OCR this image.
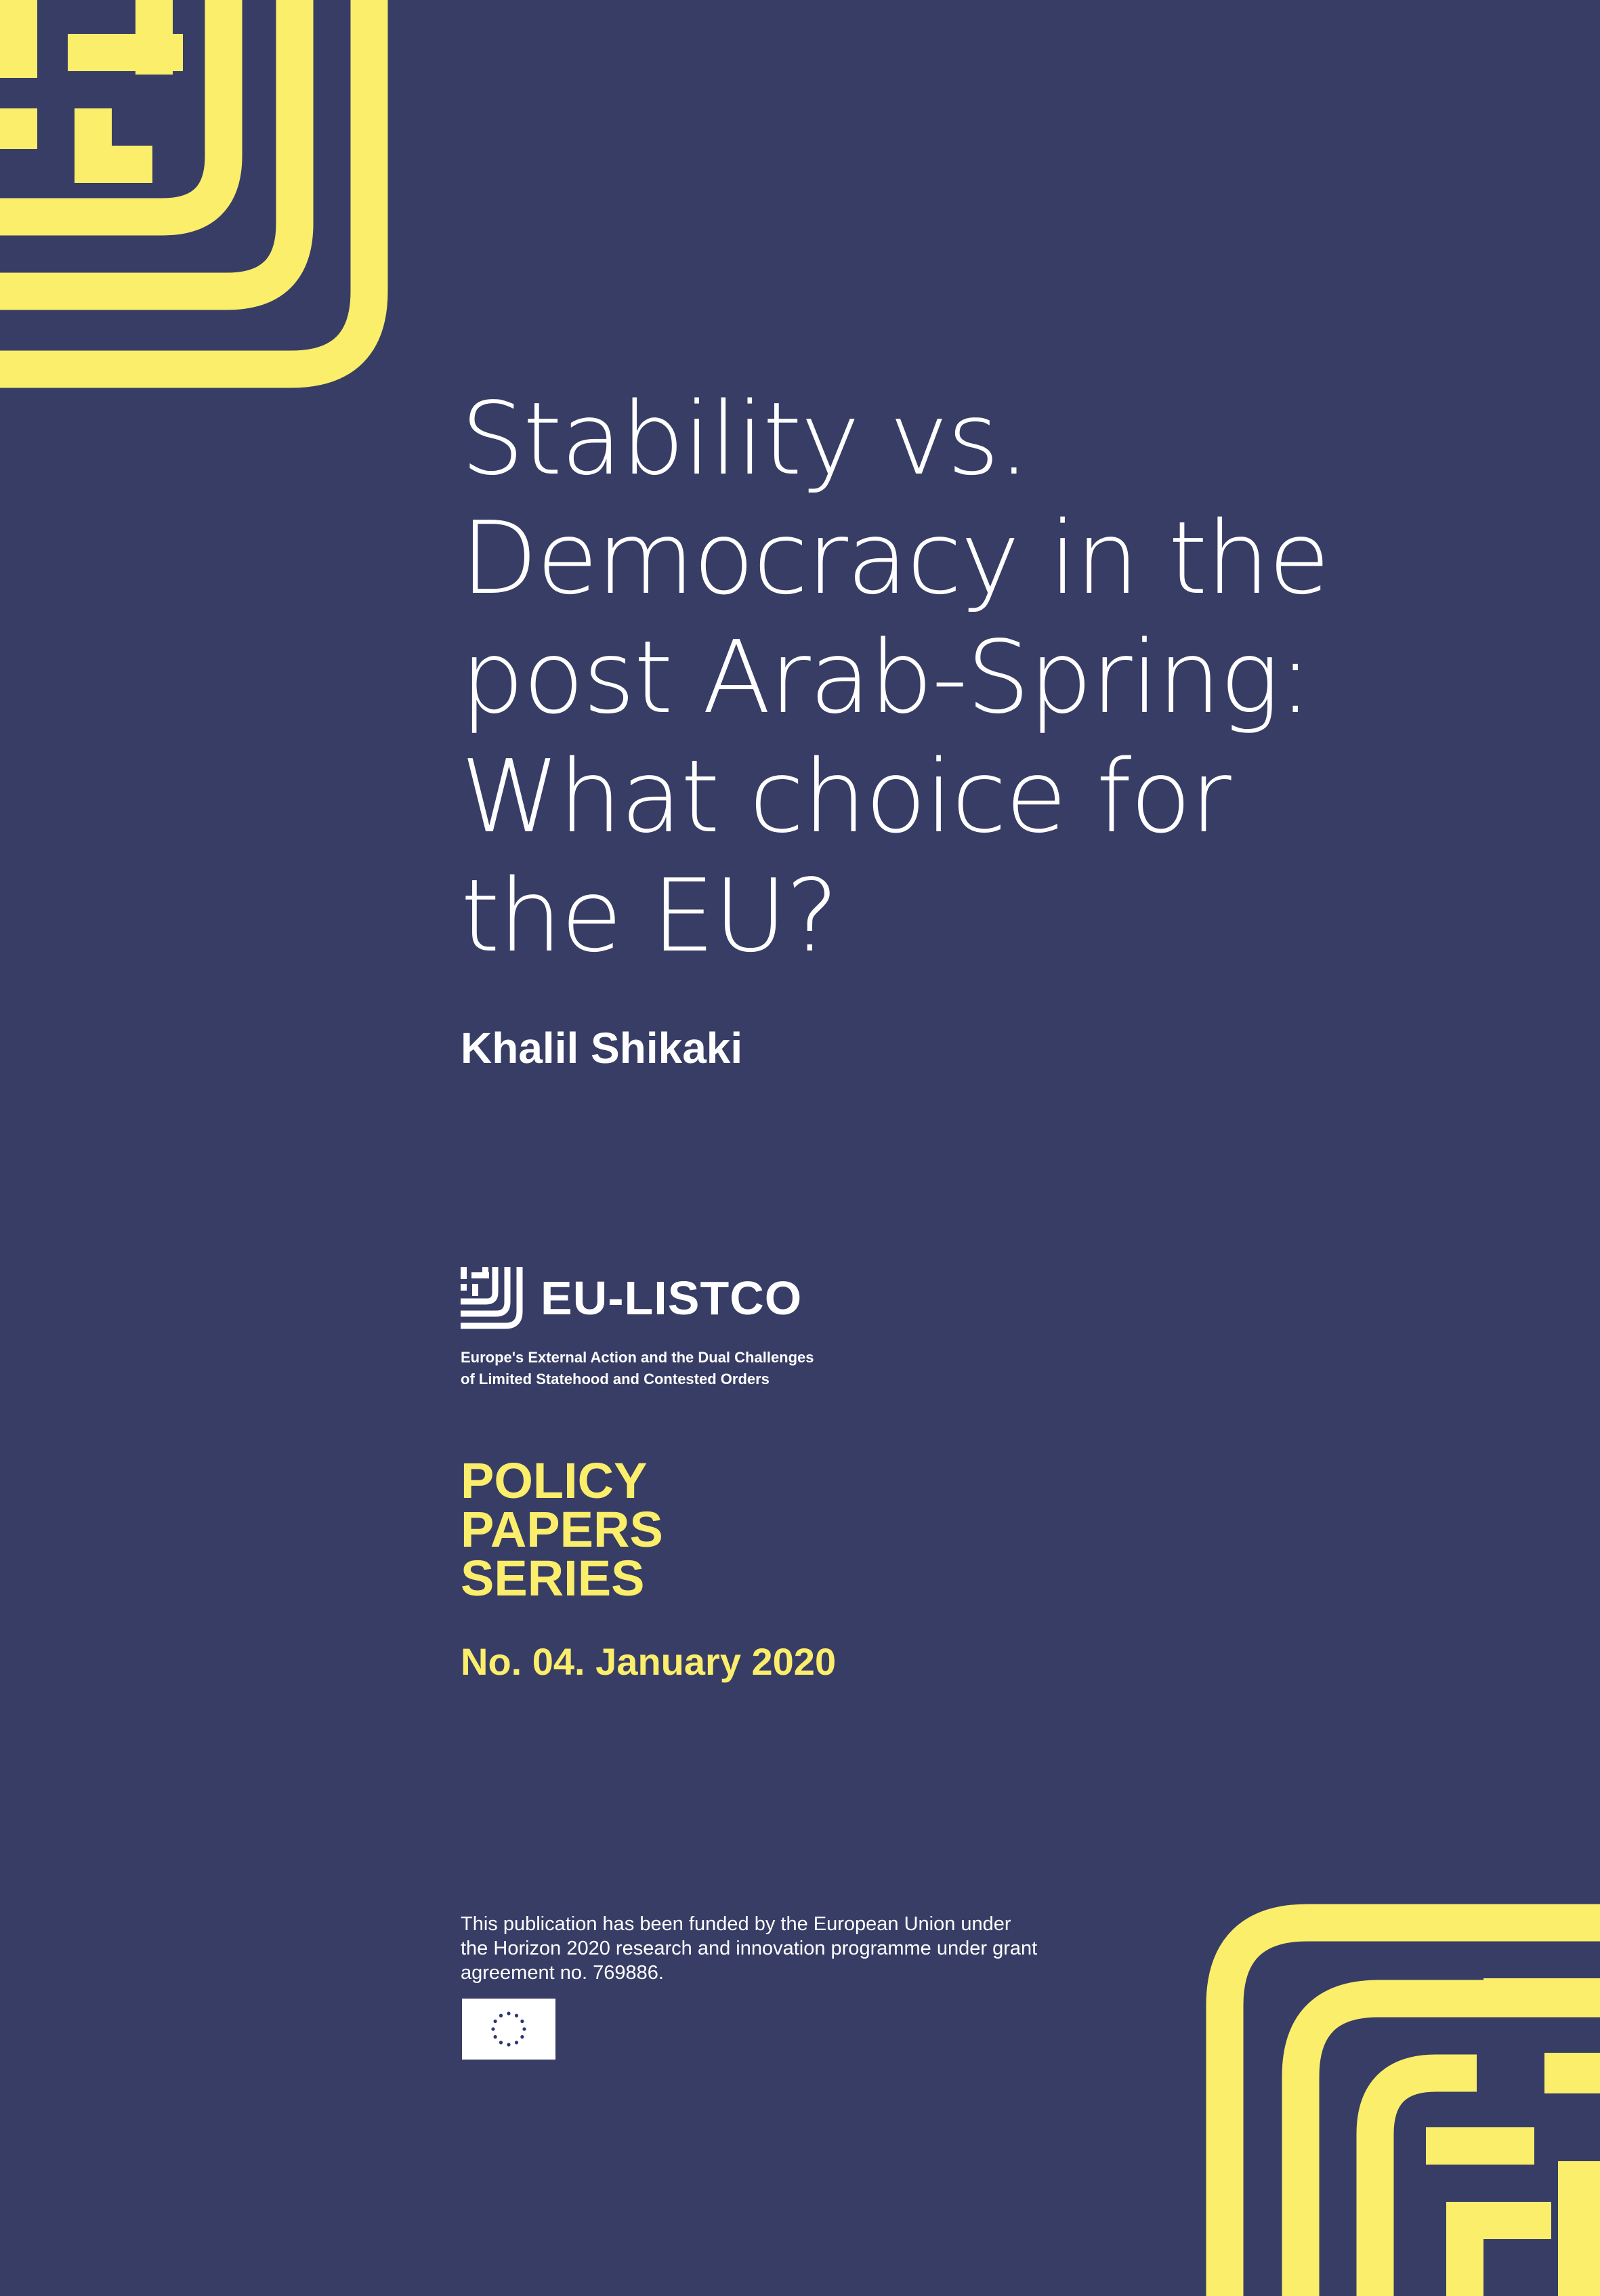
Stability vs.
Democracy in the
post Arab-Spring:
What choice for
the EU?

Khalil Shikaki

EU-LISTCO
Europe's External Action and the Dual Challenges
of Limited Statehood and Contested Orders
POLICY
PAPERS
SERIES
No. 04. January 2020
This publication has been funded by the European Union under
the Horizon 2020 research and innovation programme under grant
agreement no. 769886.
